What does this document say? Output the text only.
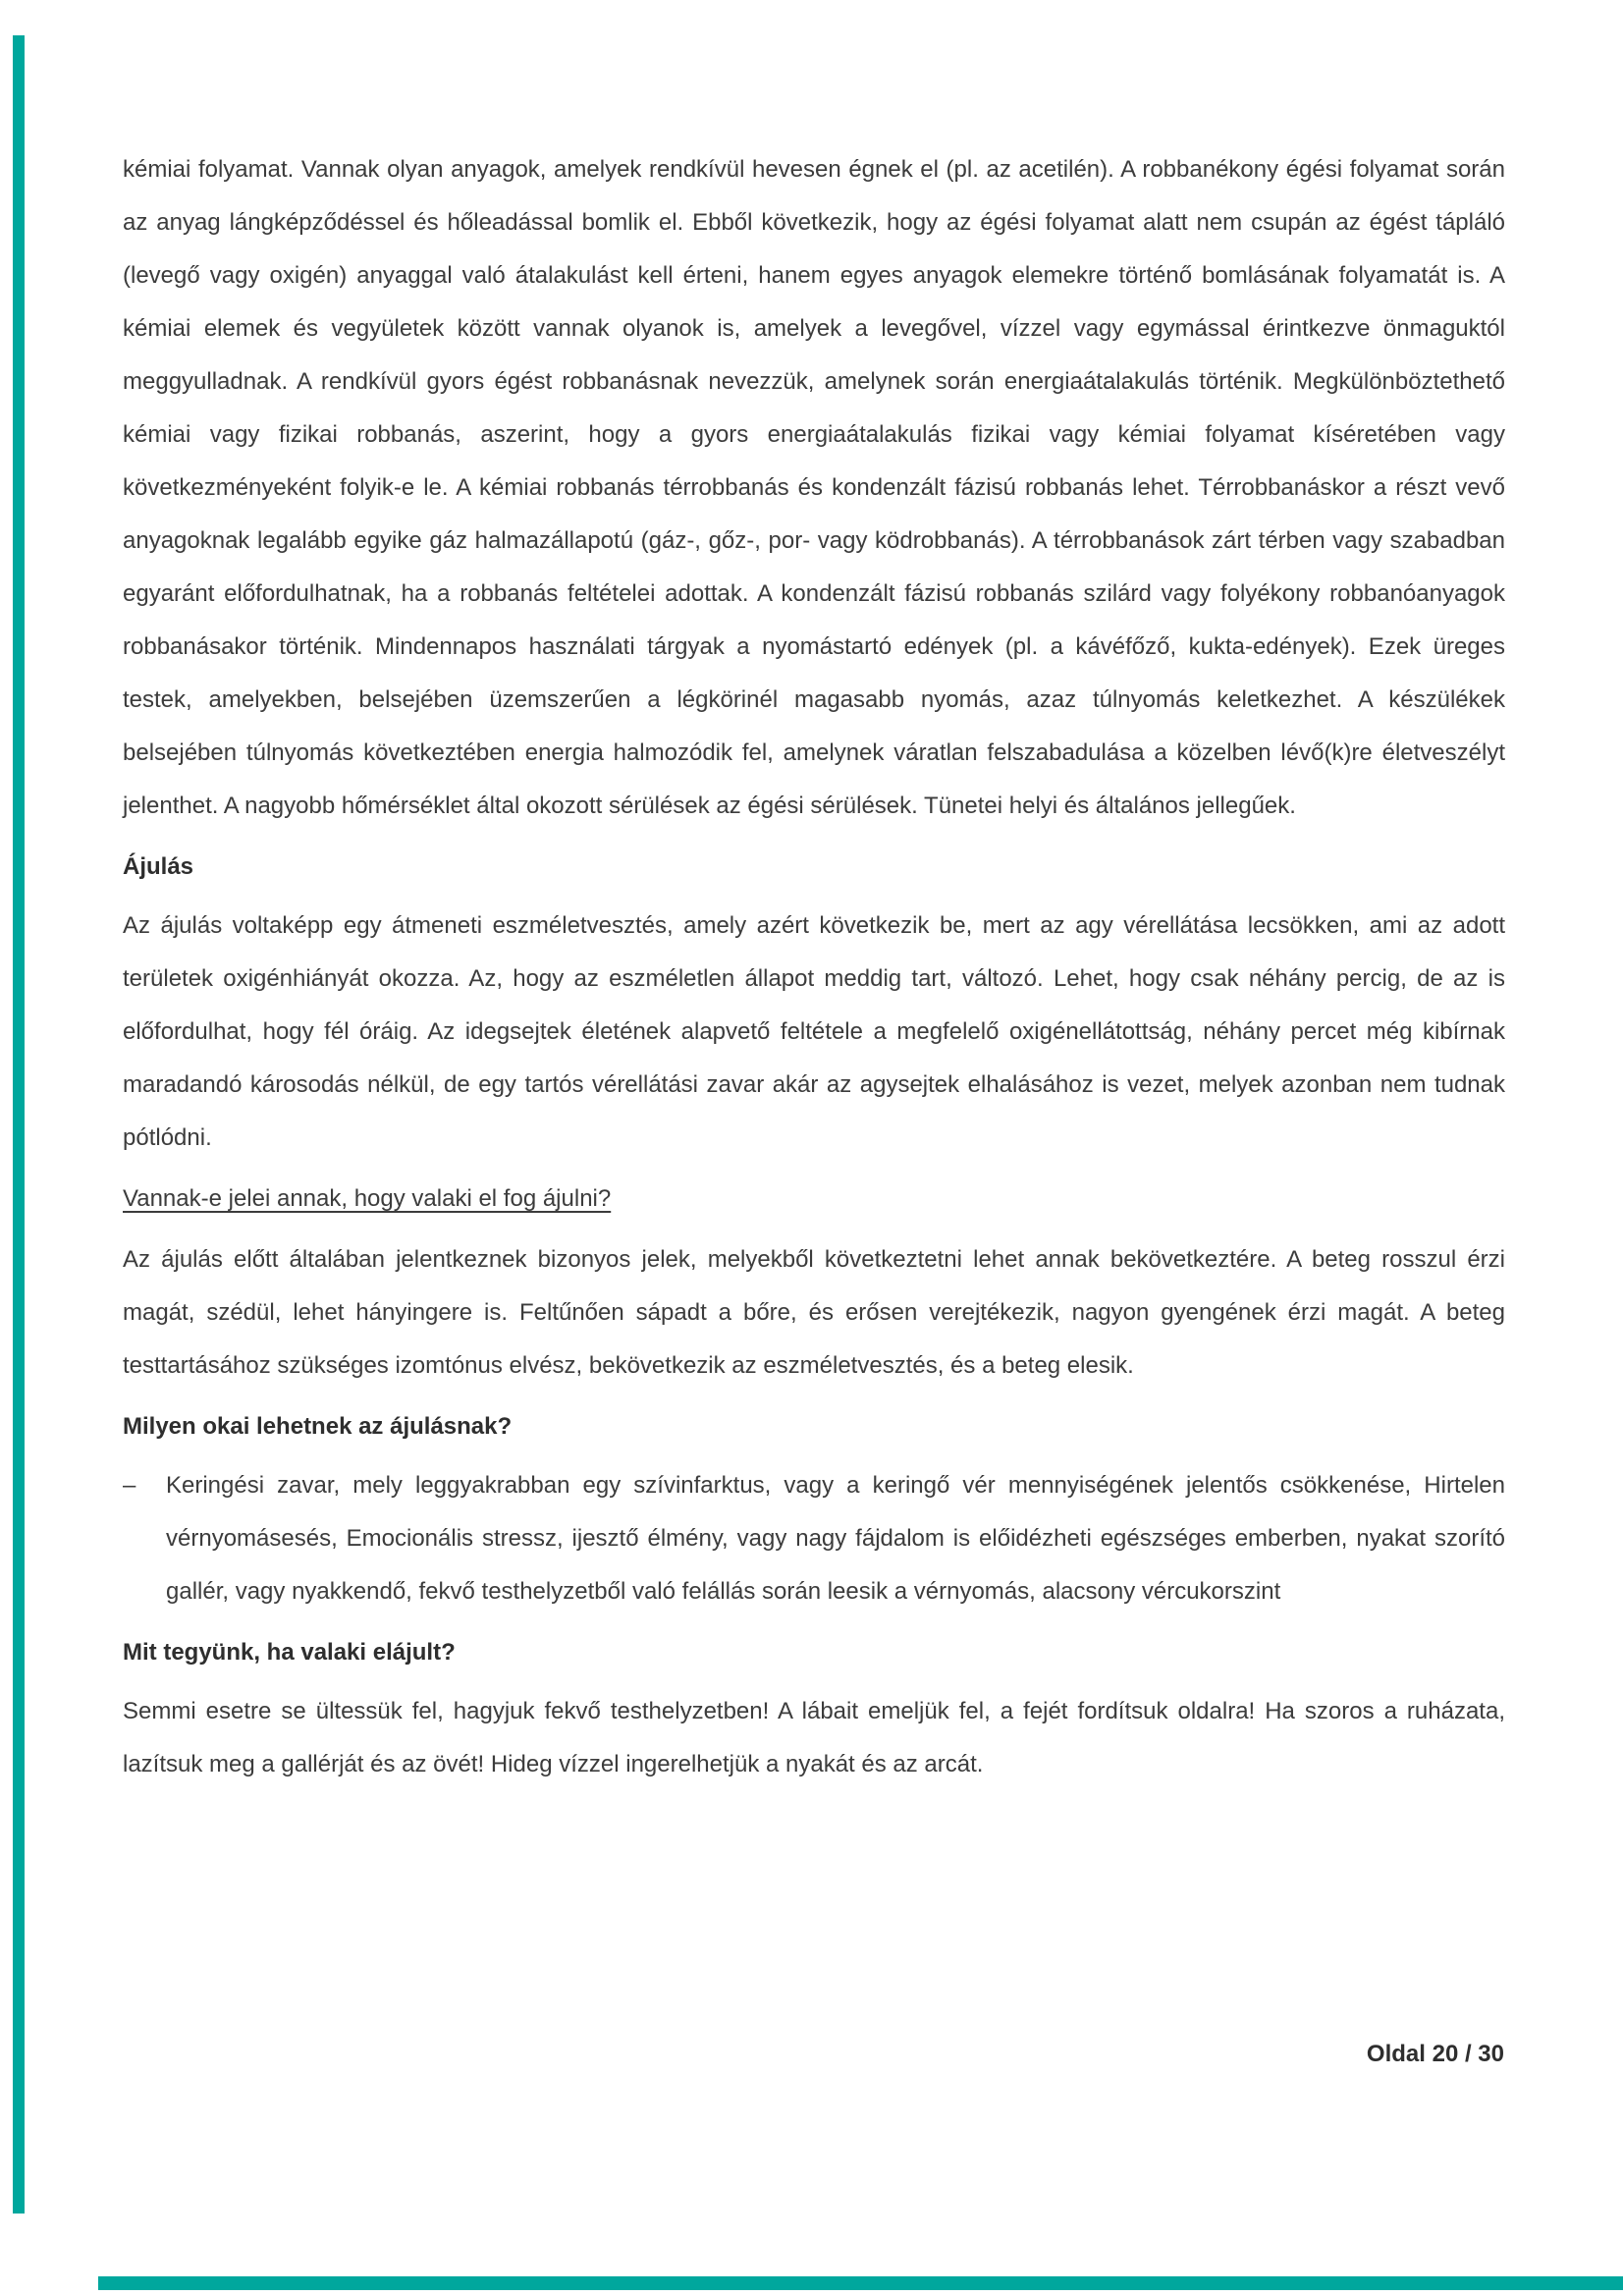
kémiai folyamat. Vannak olyan anyagok, amelyek rendkívül hevesen égnek el (pl. az acetilén). A robbanékony égési folyamat során az anyag lángképződéssel és hőleadással bomlik el. Ebből következik, hogy az égési folyamat alatt nem csupán az égést tápláló (levegő vagy oxigén) anyaggal való átalakulást kell érteni, hanem egyes anyagok elemekre történő bomlásának folyamatát is. A kémiai elemek és vegyületek között vannak olyanok is, amelyek a levegővel, vízzel vagy egymással érintkezve önmaguktól meggyulladnak. A rendkívül gyors égést robbanásnak nevezzük, amelynek során energiaátalakulás történik. Megkülönböztethető kémiai vagy fizikai robbanás, aszerint, hogy a gyors energiaátalakulás fizikai vagy kémiai folyamat kíséretében vagy következményeként folyik-e le. A kémiai robbanás térrobbanás és kondenzált fázisú robbanás lehet. Térrobbanáskor a részt vevő anyagoknak legalább egyike gáz halmazállapotú (gáz-, gőz-, por- vagy ködrobbanás). A térrobbanások zárt térben vagy szabadban egyaránt előfordulhatnak, ha a robbanás feltételei adottak. A kondenzált fázisú robbanás szilárd vagy folyékony robbanóanyagok robbanásakor történik. Mindennapos használati tárgyak a nyomástartó edények (pl. a kávéfőző, kukta-edények). Ezek üreges testek, amelyekben, belsejében üzemszerűen a légkörinél magasabb nyomás, azaz túlnyomás keletkezhet. A készülékek belsejében túlnyomás következtében energia halmozódik fel, amelynek váratlan felszabadulása a közelben lévő(k)re életveszélyt jelenthet. A nagyobb hőmérséklet által okozott sérülések az égési sérülések. Tünetei helyi és általános jellegűek.

Ájulás

Az ájulás voltaképp egy átmeneti eszméletvesztés, amely azért következik be, mert az agy vérellátása lecsökken, ami az adott területek oxigénhiányát okozza. Az, hogy az eszméletlen állapot meddig tart, változó. Lehet, hogy csak néhány percig, de az is előfordulhat, hogy fél óráig. Az idegsejtek életének alapvető feltétele a megfelelő oxigénellátottság, néhány percet még kibírnak maradandó károsodás nélkül, de egy tartós vérellátási zavar akár az agysejtek elhalásához is vezet, melyek azonban nem tudnak pótlódni.

Vannak-e jelei annak, hogy valaki el fog ájulni?

Az ájulás előtt általában jelentkeznek bizonyos jelek, melyekből következtetni lehet annak bekövetkeztére. A beteg rosszul érzi magát, szédül, lehet hányingere is. Feltűnően sápadt a bőre, és erősen verejtékezik, nagyon gyengének érzi magát. A beteg testtartásához szükséges izomtónus elvész, bekövetkezik az eszméletvesztés, és a beteg elesik.

Milyen okai lehetnek az ájulásnak?
–	Keringési zavar, mely leggyakrabban egy szívinfarktus, vagy a keringő vér mennyiségének jelentős csökkenése, Hirtelen vérnyomásesés, Emocionális stressz, ijesztő élmény, vagy nagy fájdalom is előidézheti egészséges emberben, nyakat szorító gallér, vagy nyakkendő, fekvő testhelyzetből való felállás során leesik a vérnyomás, alacsony vércukorszint
Mit tegyünk, ha valaki elájult?

Semmi esetre se ültessük fel, hagyjuk fekvő testhelyzetben! A lábait emeljük fel, a fejét fordítsuk oldalra! Ha szoros a ruházata, lazítsuk meg a gallérját és az övét! Hideg vízzel ingerelhetjük a nyakát és az arcát.

Oldal 20 / 30
